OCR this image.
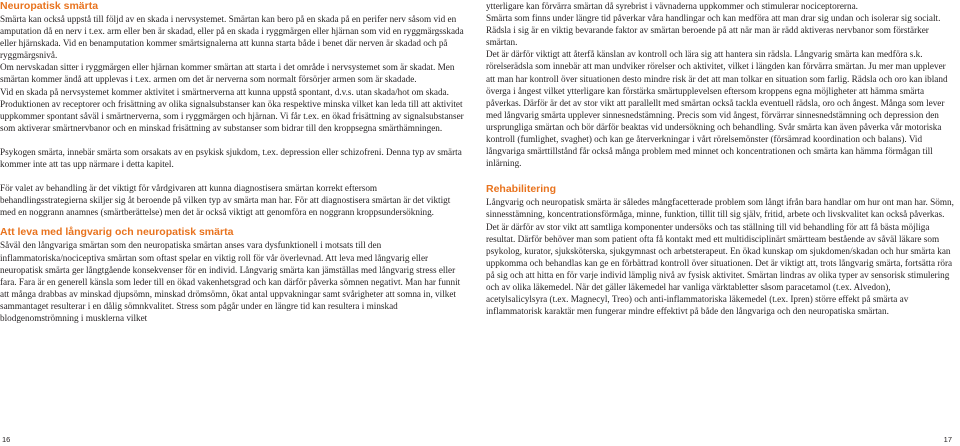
Neuropatisk smärta

Smärta kan också uppstå till följd av en skada i nervsystemet. Smärtan kan bero på en skada på en perifer nerv såsom vid en amputation då en nerv i t.ex. arm eller ben är skadad, eller på en skada i ryggmärgen eller hjärnan som vid en ryggmärgsskada eller hjärnskada. Vid en benamputation kommer smärtsignalerna att kunna starta både i benet där nerven är skadad och på ryggmärgsnivå.

Om nervskadan sitter i ryggmärgen eller hjärnan kommer smärtan att starta i det område i nervsystemet som är skadat. Men smärtan kommer ändå att upplevas i t.ex. armen om det är nerverna som normalt försörjer armen som är skadade.

Vid en skada på nervsystemet kommer aktivitet i smärtnerverna att kunna uppstå spontant, d.v.s. utan skada/hot om skada. Produktionen av receptorer och frisättning av olika signalsubstanser kan öka respektive minska vilket kan leda till att aktivitet uppkommer spontant såväl i smärtnerverna, som i ryggmärgen och hjärnan. Vi får t.ex. en ökad frisättning av signalsubstanser som aktiverar smärtnervbanor och en minskad frisättning av substanser som bidrar till den kroppsegna smärthämningen.

Psykogen smärta, innebär smärta som orsakats av en psykisk sjukdom, t.ex. depression eller schizofreni. Denna typ av smärta kommer inte att tas upp närmare i detta kapitel.

För valet av behandling är det viktigt för vårdgivaren att kunna diagnostisera smärtan korrekt eftersom behandlingsstrategierna skiljer sig åt beroende på vilken typ av smärta man har. För att diagnostisera smärtan är det viktigt med en noggrann anamnes (smärtberättelse) men det är också viktigt att genomföra en noggrann kroppsundersökning.

Att leva med långvarig och neuropatisk smärta

Såväl den långvariga smärtan som den neuropatiska smärtan anses vara dysfunktionell i motsats till den inflammatoriska/nociceptiva smärtan som oftast spelar en viktig roll för vår överlevnad. Att leva med långvarig eller neuropatisk smärta ger långtgående konsekvenser för en individ. Långvarig smärta kan jämställas med långvarig stress eller fara. Fara är en generell känsla som leder till en ökad vakenhetsgrad och kan därför påverka sömnen negativt. Man har funnit att många drabbas av minskad djupsömn, minskad drömsömn, ökat antal uppvakningar samt svårigheter att somna in, vilket sammantaget resulterar i en dålig sömnkvalitet. Stress som pågår under en längre tid kan resultera i minskad blodgenomströmning i musklerna vilket

ytterligare kan förvärra smärtan då syrebrist i vävnaderna uppkommer och stimulerar nociceptorerna.

Smärta som finns under längre tid påverkar våra handlingar och kan medföra att man drar sig undan och isolerar sig socialt. Rädsla i sig är en viktig bevarande faktor av smärtan beroende på att när man är rädd aktiveras nervbanor som förstärker smärtan.

Det är därför viktigt att återfå känslan av kontroll och lära sig att hantera sin rädsla. Långvarig smärta kan medföra s.k. rörelserädsla som innebär att man undviker rörelser och aktivitet, vilket i längden kan förvärra smärtan. Ju mer man upplever att man har kontroll över situationen desto mindre risk är det att man tolkar en situation som farlig. Rädsla och oro kan ibland överga i ångest vilket ytterligare kan förstärka smärtupplevelsen eftersom kroppens egna möjligheter att hämma smärta påverkas. Därför är det av stor vikt att parallellt med smärtan också tackla eventuell rädsla, oro och ångest. Många som lever med långvarig smärta upplever sinnesnedstämning. Precis som vid ångest, förvärrar sinnesnedstämning och depression den ursprungliga smärtan och bör därför beaktas vid undersökning och behandling. Svår smärta kan även påverka vår motoriska kontroll (fumlighet, svaghet) och kan ge återverkningar i vårt rörelsemönster (försämrad koordination och balans). Vid långvariga smärttillstånd får också många problem med minnet och koncentrationen och smärta kan hämma förmågan till inlärning.

Rehabilitering

Långvarig och neuropatisk smärta är således mångfacetterade problem som långt ifrån bara handlar om hur ont man har. Sömn, sinnesstämning, koncentrationsförmåga, minne, funktion, tillit till sig själv, fritid, arbete och livskvalitet kan också påverkas. Det är därför av stor vikt att samtliga komponenter undersöks och tas ställning till vid behandling för att få bästa möjliga resultat. Därför behöver man som patient ofta få kontakt med ett multidisciplinärt smärtteam bestående av såväl läkare som psykolog, kurator, sjuksköterska, sjukgymnast och arbetsterapeut. En ökad kunskap om sjukdomen/skadan och hur smärta kan uppkomma och behandlas kan ge en förbättrad kontroll över situationen. Det är viktigt att, trots långvarig smärta, fortsätta röra på sig och att hitta en för varje individ lämplig nivå av fysisk aktivitet. Smärtan lindras av olika typer av sensorisk stimulering och av olika läkemedel. När det gäller läkemedel har vanliga värktabletter såsom paracetamol (t.ex. Alvedon), acetylsalicylsyra (t.ex. Magnecyl, Treo) och anti-inflammatoriska läkemedel (t.ex. Ipren) större effekt på smärta av inflammatorisk karaktär men fungerar mindre effektivt på både den långvariga och den neuropatiska smärtan.

16	17
